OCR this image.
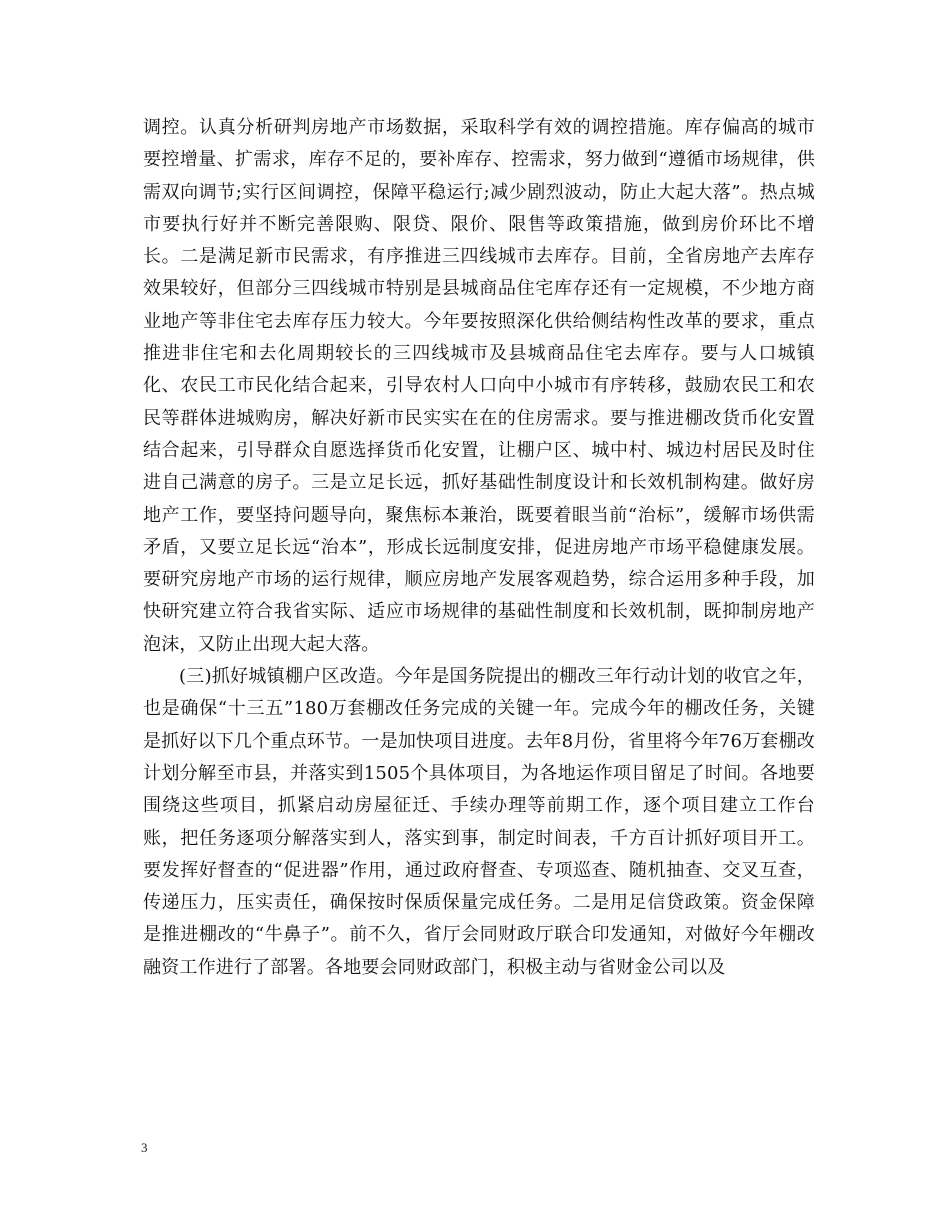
调控。认真分析研判房地产市场数据，采取科学有效的调控措施。库存偏高的城市要控增量、扩需求，库存不足的，要补库存、控需求，努力做到“遵循市场规律，供需双向调节;实行区间调控，保障平稳运行;减少剧烈波动，防止大起大落”。热点城市要执行好并不断完善限购、限贷、限价、限售等政策措施，做到房价环比不增长。二是满足新市民需求，有序推进三四线城市去库存。目前，全省房地产去库存效果较好，但部分三四线城市特别是县城商品住宅库存还有一定规模，不少地方商业地产等非住宅去库存压力较大。今年要按照深化供给侧结构性改革的要求，重点推进非住宅和去化周期较长的三四线城市及县城商品住宅去库存。要与人口城镇化、农民工市民化结合起来，引导农村人口向中小城市有序转移，鼓励农民工和农民等群体进城购房，解决好新市民实实在在的住房需求。要与推进棚改货币化安置结合起来，引导群众自愿选择货币化安置，让棚户区、城中村、城边村居民及时住进自己满意的房子。三是立足长远，抓好基础性制度设计和长效机制构建。做好房地产工作，要坚持问题导向，聚焦标本兼治，既要着眼当前“治标”，缓解市场供需矛盾，又要立足长远“治本”，形成长远制度安排，促进房地产市场平稳健康发展。要研究房地产市场的运行规律，顺应房地产发展客观趋势，综合运用多种手段，加快研究建立符合我省实际、适应市场规律的基础性制度和长效机制，既抑制房地产泡沫，又防止出现大起大落。

(三)抓好城镇棚户区改造。今年是国务院提出的棚改三年行动计划的收官之年，也是确保“十三五”180万套棚改任务完成的关键一年。完成今年的棚改任务，关键是抓好以下几个重点环节。一是加快项目进度。去年8月份，省里将今年76万套棚改计划分解至市县，并落实到1505个具体项目，为各地运作项目留足了时间。各地要围绕这些项目，抓紧启动房屋征迁、手续办理等前期工作，逐个项目建立工作台账，把任务逐项分解落实到人，落实到事，制定时间表，千方百计抓好项目开工。要发挥好督查的“促进器”作用，通过政府督查、专项巡查、随机抽查、交叉互查，传递压力，压实责任，确保按时保质保量完成任务。二是用足信贷政策。资金保障是推进棚改的“牛鼻子”。前不久，省厅会同财政厅联合印发通知，对做好今年棚改融资工作进行了部署。各地要会同财政部门，积极主动与省财金公司以及

3
